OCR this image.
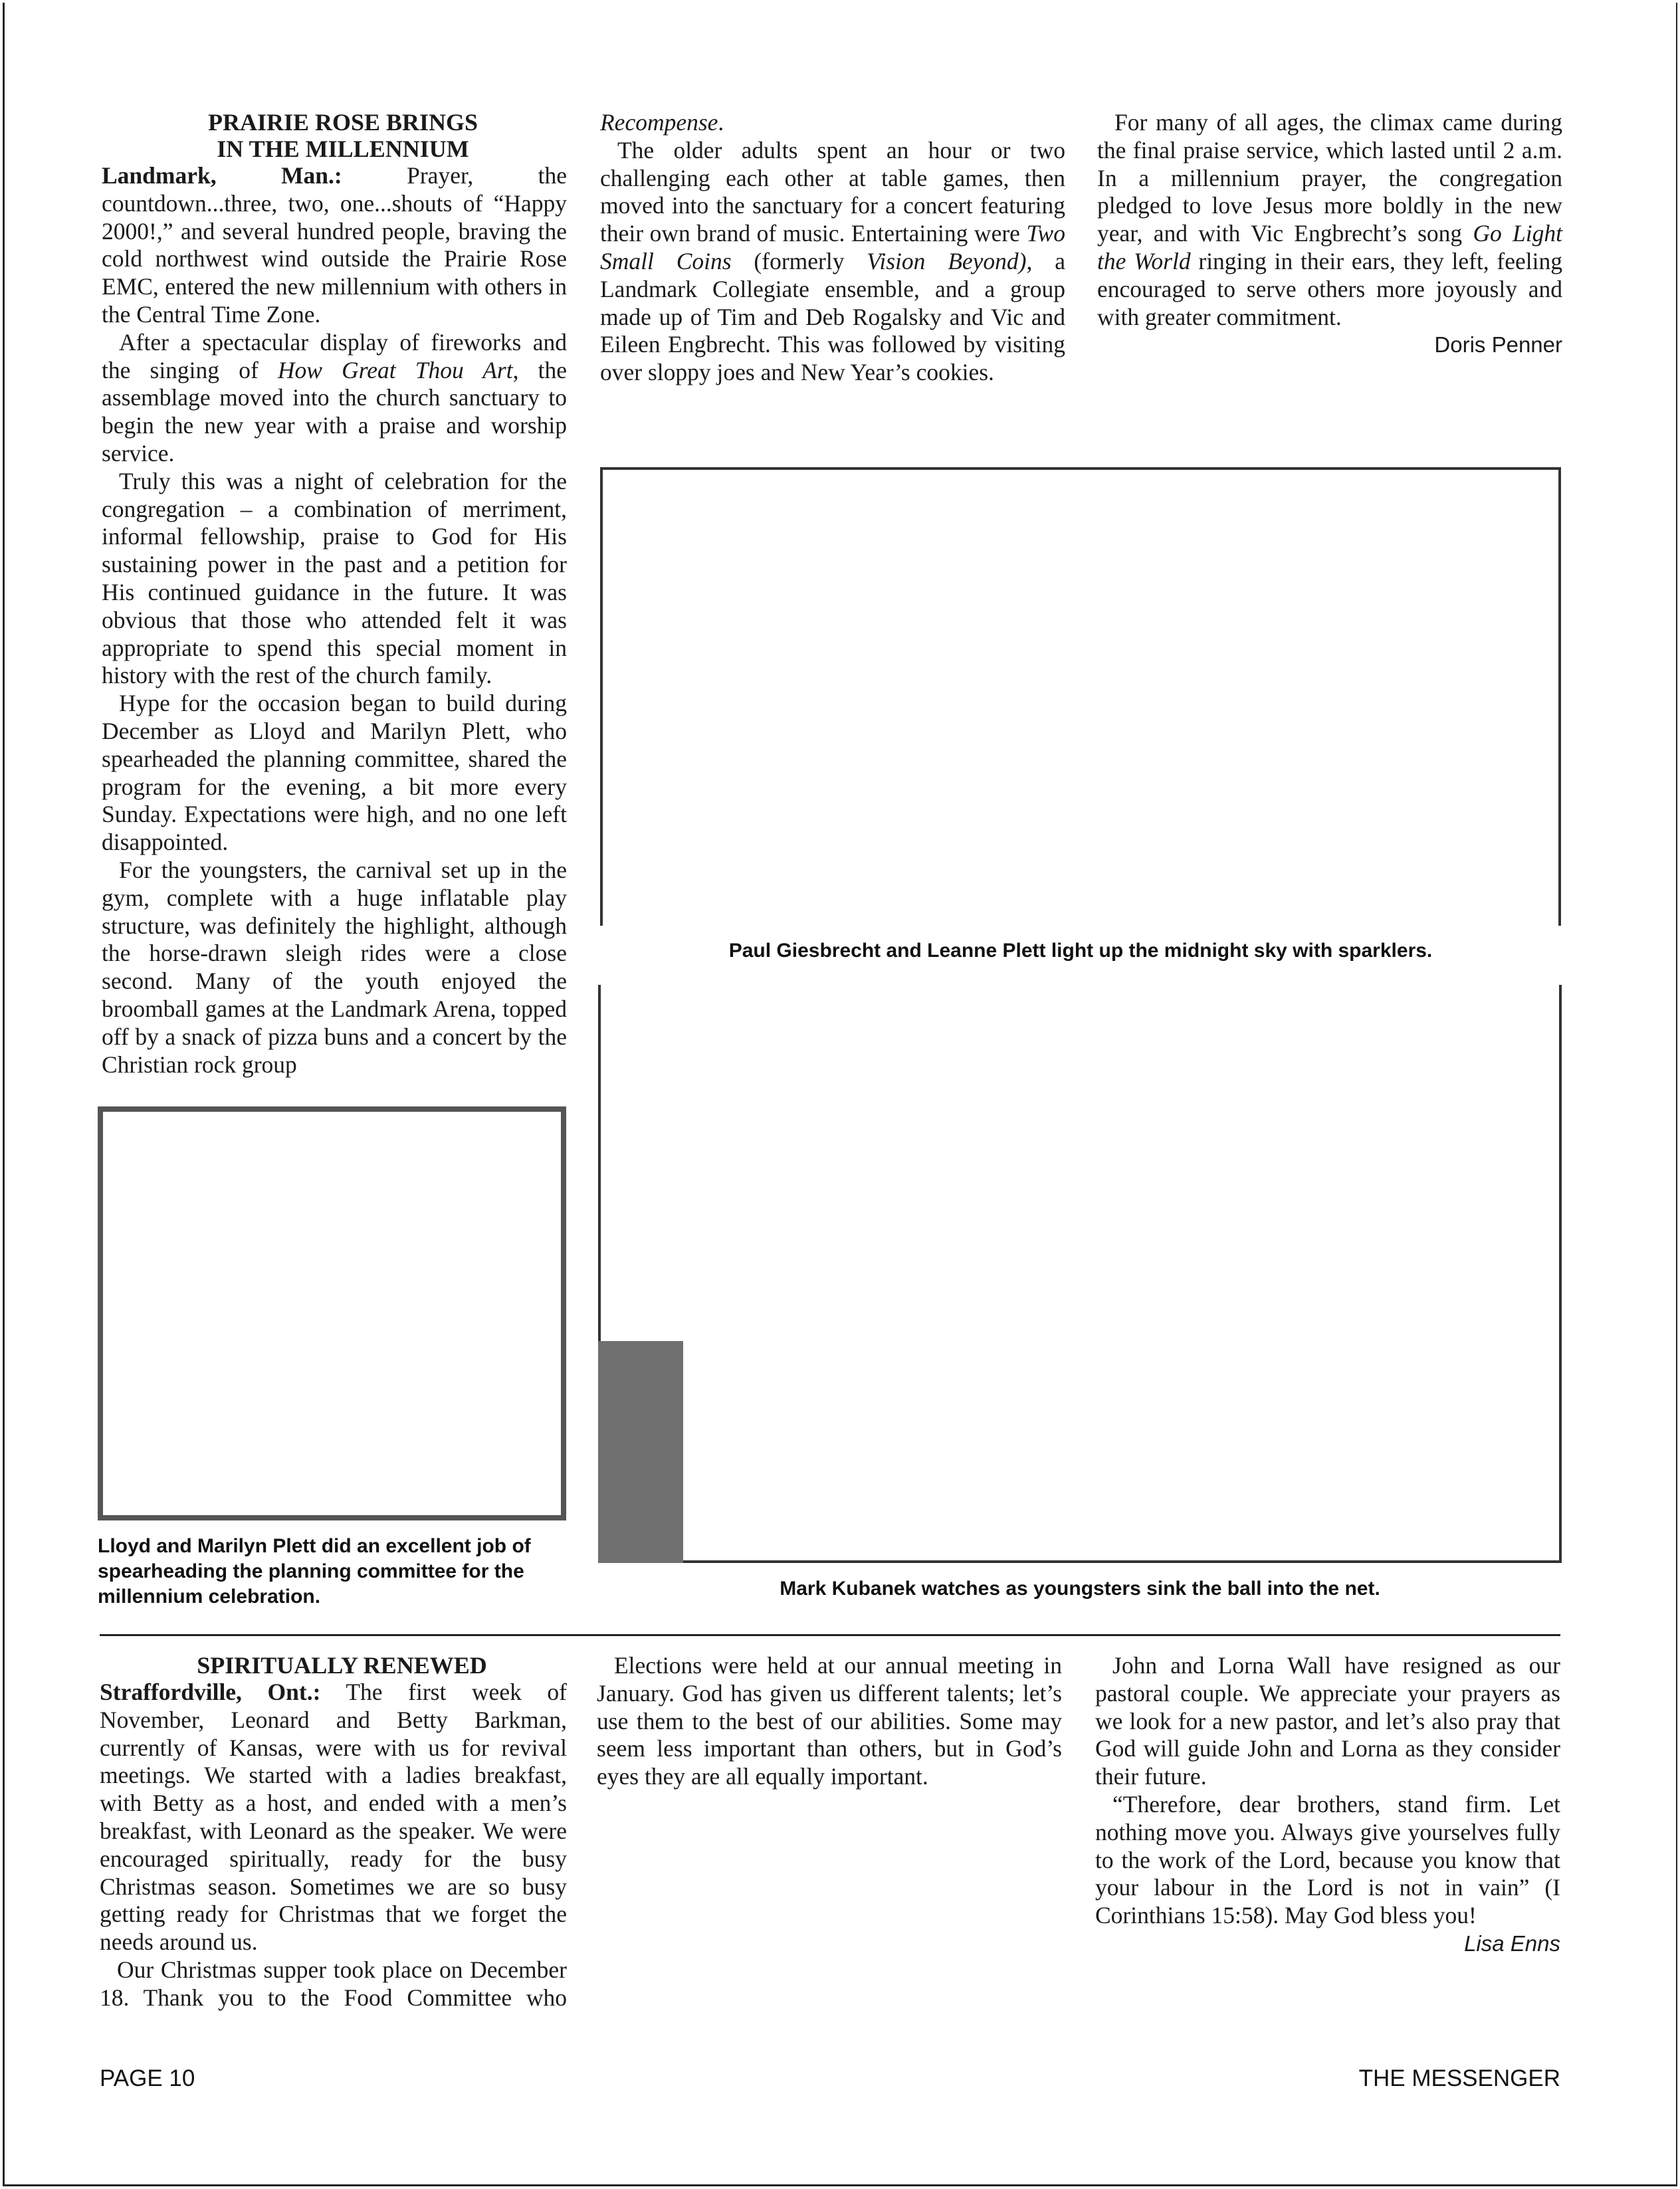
PRAIRIE ROSE BRINGS

IN THE MILLENNIUM

Landmark, Man.: Prayer, the countdown...three, two, one...shouts of “Happy 2000!,” and several hundred people, braving the cold northwest wind outside the Prairie Rose EMC, entered the new millennium with others in the Central Time Zone.

After a spectacular display of fireworks and the singing of How Great Thou Art, the assemblage moved into the church sanctuary to begin the new year with a praise and worship service.

Truly this was a night of celebration for the congregation – a combination of merriment, informal fellowship, praise to God for His sustaining power in the past and a petition for His continued guidance in the future. It was obvious that those who attended felt it was appropriate to spend this special moment in history with the rest of the church family.

Hype for the occasion began to build during December as Lloyd and Marilyn Plett, who spearheaded the planning committee, shared the program for the evening, a bit more every Sunday. Expectations were high, and no one left disappointed.

For the youngsters, the carnival set up in the gym, complete with a huge inflatable play structure, was definitely the highlight, although the horse-drawn sleigh rides were a close second. Many of the youth enjoyed the broomball games at the Landmark Arena, topped off by a snack of pizza buns and a concert by the Christian rock group

Recompense.

The older adults spent an hour or two challenging each other at table games, then moved into the sanctuary for a concert featuring their own brand of music. Entertaining were Two Small Coins (formerly Vision Beyond), a Landmark Collegiate ensemble, and a group made up of Tim and Deb Rogalsky and Vic and Eileen Engbrecht. This was followed by visiting over sloppy joes and New Year’s cookies.

For many of all ages, the climax came during the final praise service, which lasted until 2 a.m. In a millennium prayer, the congregation pledged to love Jesus more boldly in the new year, and with Vic Engbrecht’s song Go Light the World ringing in their ears, they left, feeling encouraged to serve others more joyously and with greater commitment.

Doris Penner
Paul Giesbrecht and Leanne Plett light up the midnight sky with sparklers.
Mark Kubanek watches as youngsters sink the ball into the net.
Lloyd and Marilyn Plett did an excellent job of spearheading the planning committee for the millennium celebration.

SPIRITUALLY RENEWED

Straffordville, Ont.: The first week of November, Leonard and Betty Barkman, currently of Kansas, were with us for revival meetings. We started with a ladies breakfast, with Betty as a host, and ended with a men’s breakfast, with Leonard as the speaker. We were encouraged spiritually, ready for the busy Christmas season. Sometimes we are so busy getting ready for Christmas that we forget the needs around us.

Our Christmas supper took place on December 18. Thank you to the Food Committee who

Elections were held at our annual meeting in January. God has given us different talents; let’s use them to the best of our abilities. Some may seem less important than others, but in God’s eyes they are all equally important.

John and Lorna Wall have resigned as our pastoral couple. We appreciate your prayers as we look for a new pastor, and let’s also pray that God will guide John and Lorna as they consider their future.

“Therefore, dear brothers, stand firm. Let nothing move you. Always give yourselves fully to the work of the Lord, because you know that your labour in the Lord is not in vain” (I Corinthians 15:58). May God bless you!

Lisa Enns
PAGE 10	THE MESSENGER
